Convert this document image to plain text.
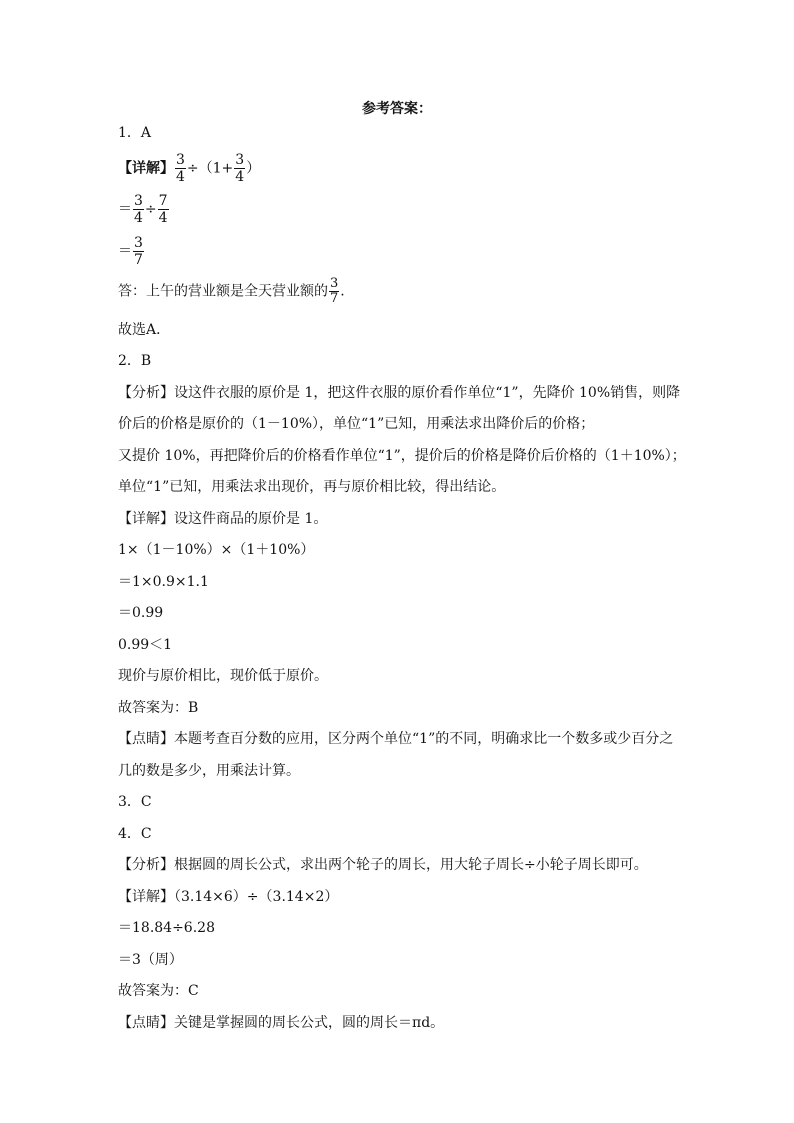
参考答案：
1．A
【详解】 $\frac{3}{4} \div(1+ \frac{3}{4}$ ）
＝ $\frac{3}{4} \div \frac{7}{4}$
＝ $\frac{3}{7}$
答：上午的营业额是全天营业额的 $\frac{3}{7}$ .
故选A．
2．B
【分析】设这件衣服的原价是 1，把这件衣服的原价看作单位“1”，先降价 10%销售，则降
价后的价格是原价的（1－10%），单位“1”已知，用乘法求出降价后的价格；
又提价 10%，再把降价后的价格看作单位“1”，提价后的价格是降价后价格的（1＋10%）；
单位“1”已知，用乘法求出现价，再与原价相比较，得出结论。
【详解】设这件商品的原价是 1。
1×（1－10%）×（1＋10%）
＝1×0.9×1.1
＝0.99
0.99＜1
现价与原价相比，现价低于原价。
故答案为：B
【点睛】本题考查百分数的应用，区分两个单位“1”的不同，明确求比一个数多或少百分之
几的数是多少，用乘法计算。
3．C
4．C
【分析】根据圆的周长公式，求出两个轮子的周长，用大轮子周长÷小轮子周长即可。
【详解】（3.14×6）÷（3.14×2）
＝18.84÷6.28
＝3（周）
故答案为：C
【点睛】关键是掌握圆的周长公式，圆的周长＝πd。
